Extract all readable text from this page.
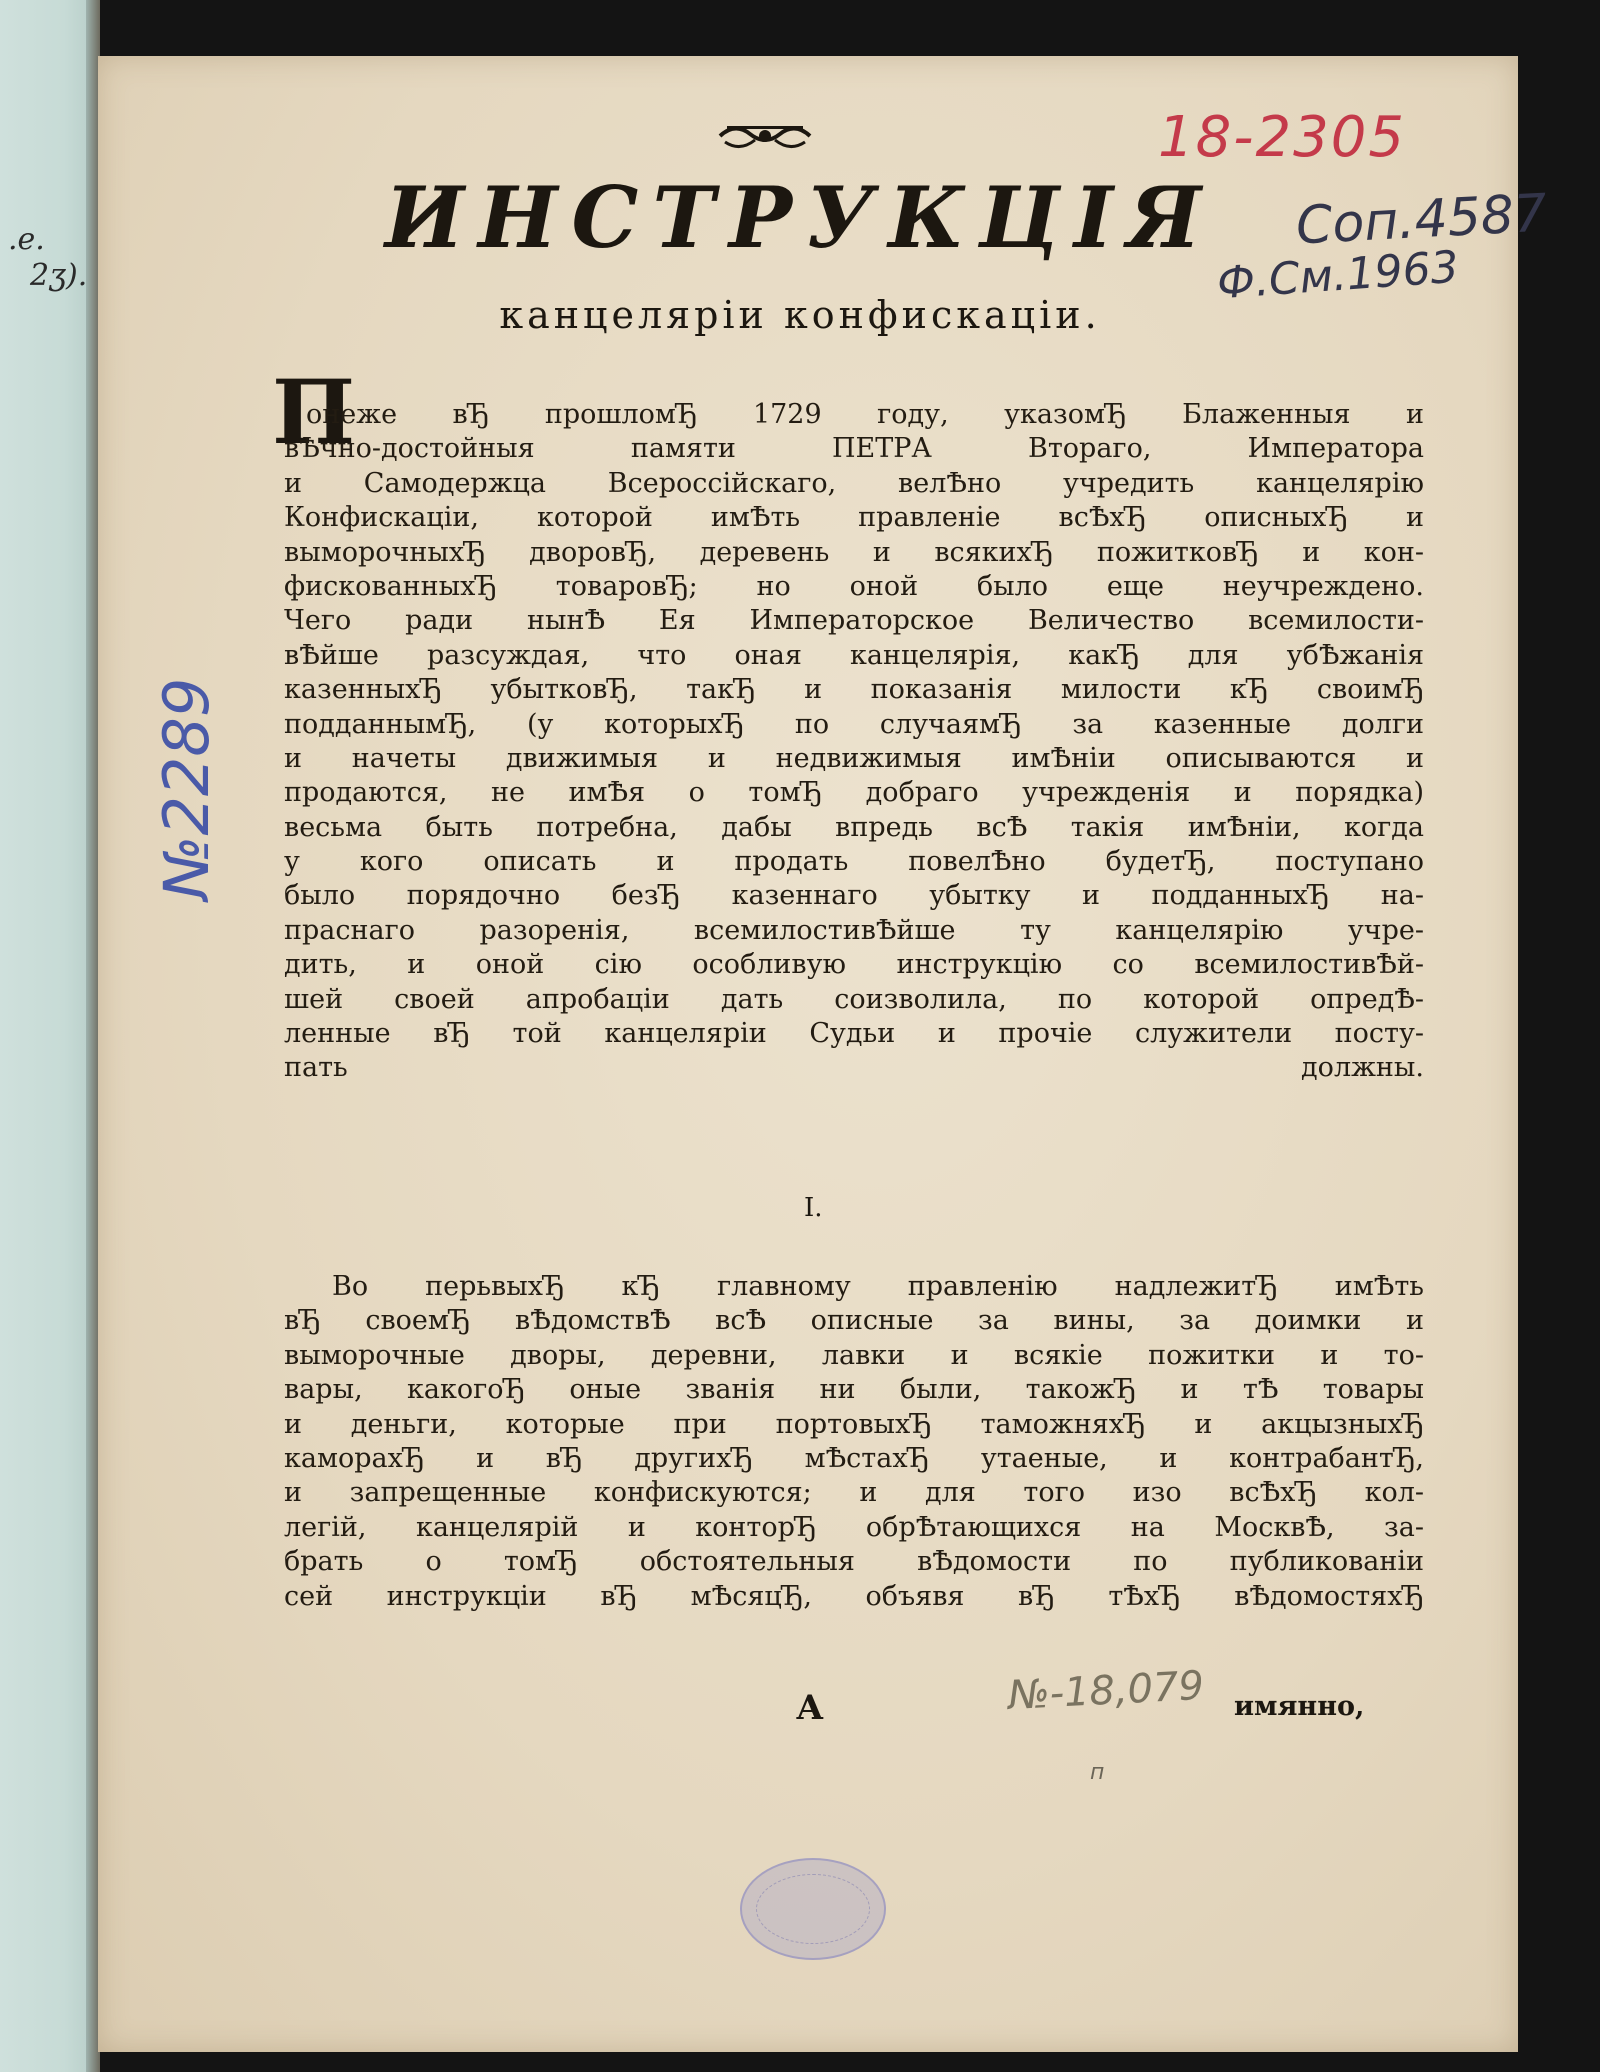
.e.
2ʒ).
№2289
ИНСТРУКЦІЯ
канцеляріи конфискаціи.
П
онеже вЂ прошломЂ 1729 году, указомЂ Блаженныя и
вѢчно-достойныя памяти ПЕТРА Втораго, Императора
и Самодержца Всероссійскаго, велѢно учредить канцелярію
Конфискаціи, которой имѢть правленіе всѢхЂ описныхЂ и
выморочныхЂ дворовЂ, деревень и всякихЂ пожитковЂ и кон-
фискованныхЂ товаровЂ; но оной было еще неучреждено.
Чего ради нынѢ Ея Императорское Величество всемилости-
вѢйше разсуждая, что оная канцелярія, какЂ для убѢжанія
казенныхЂ убытковЂ, такЂ и показанія милости кЂ своимЂ
подданнымЂ, (у которыхЂ по случаямЂ за казенные долги
и начеты движимыя и недвижимыя имѢніи описываются и
продаются, не имѢя о томЂ добраго учрежденія и порядка)
весьма быть потребна, дабы впредь всѢ такія имѢніи, когда
у кого описать и продать повелѢно будетЂ, поступано
было порядочно безЂ казеннаго убытку и подданныхЂ на-
праснаго разоренія, всемилостивѢйше ту канцелярію учре-
дить, и оной сію особливую инструкцію со всемилостивѢй-
шей своей апробаціи дать соизволила, по которой опредѢ-
ленные вЂ той канцеляріи Судьи и прочіе служители посту-
пать должны.
I.
Во перьвыхЂ кЂ главному правленію надлежитЂ имѢть
вЂ своемЂ вѢдомствѢ всѢ описные за вины, за доимки и
выморочные дворы, деревни, лавки и всякіе пожитки и то-
вары, какогоЂ оные званія ни были, такожЂ и тѢ товары
и деньги, которые при портовыхЂ таможняхЂ и акцызныхЂ
каморахЂ и вЂ другихЂ мѢстахЂ утаеные, и контрабантЂ,
и запрещенные конфискуются; и для того изо всѢхЂ кол-
легій, канцелярій и конторЂ обрѢтающихся на МосквѢ, за-
брать о томЂ обстоятельныя вѢдомости по публикованіи
сей инструкціи вЂ мѢсяцЂ, объявя вЂ тѢхЂ вѢдомостяхЂ
А	имянно,
18-2305
Соп.4587
Ф.См.1963
№-18,079
п
